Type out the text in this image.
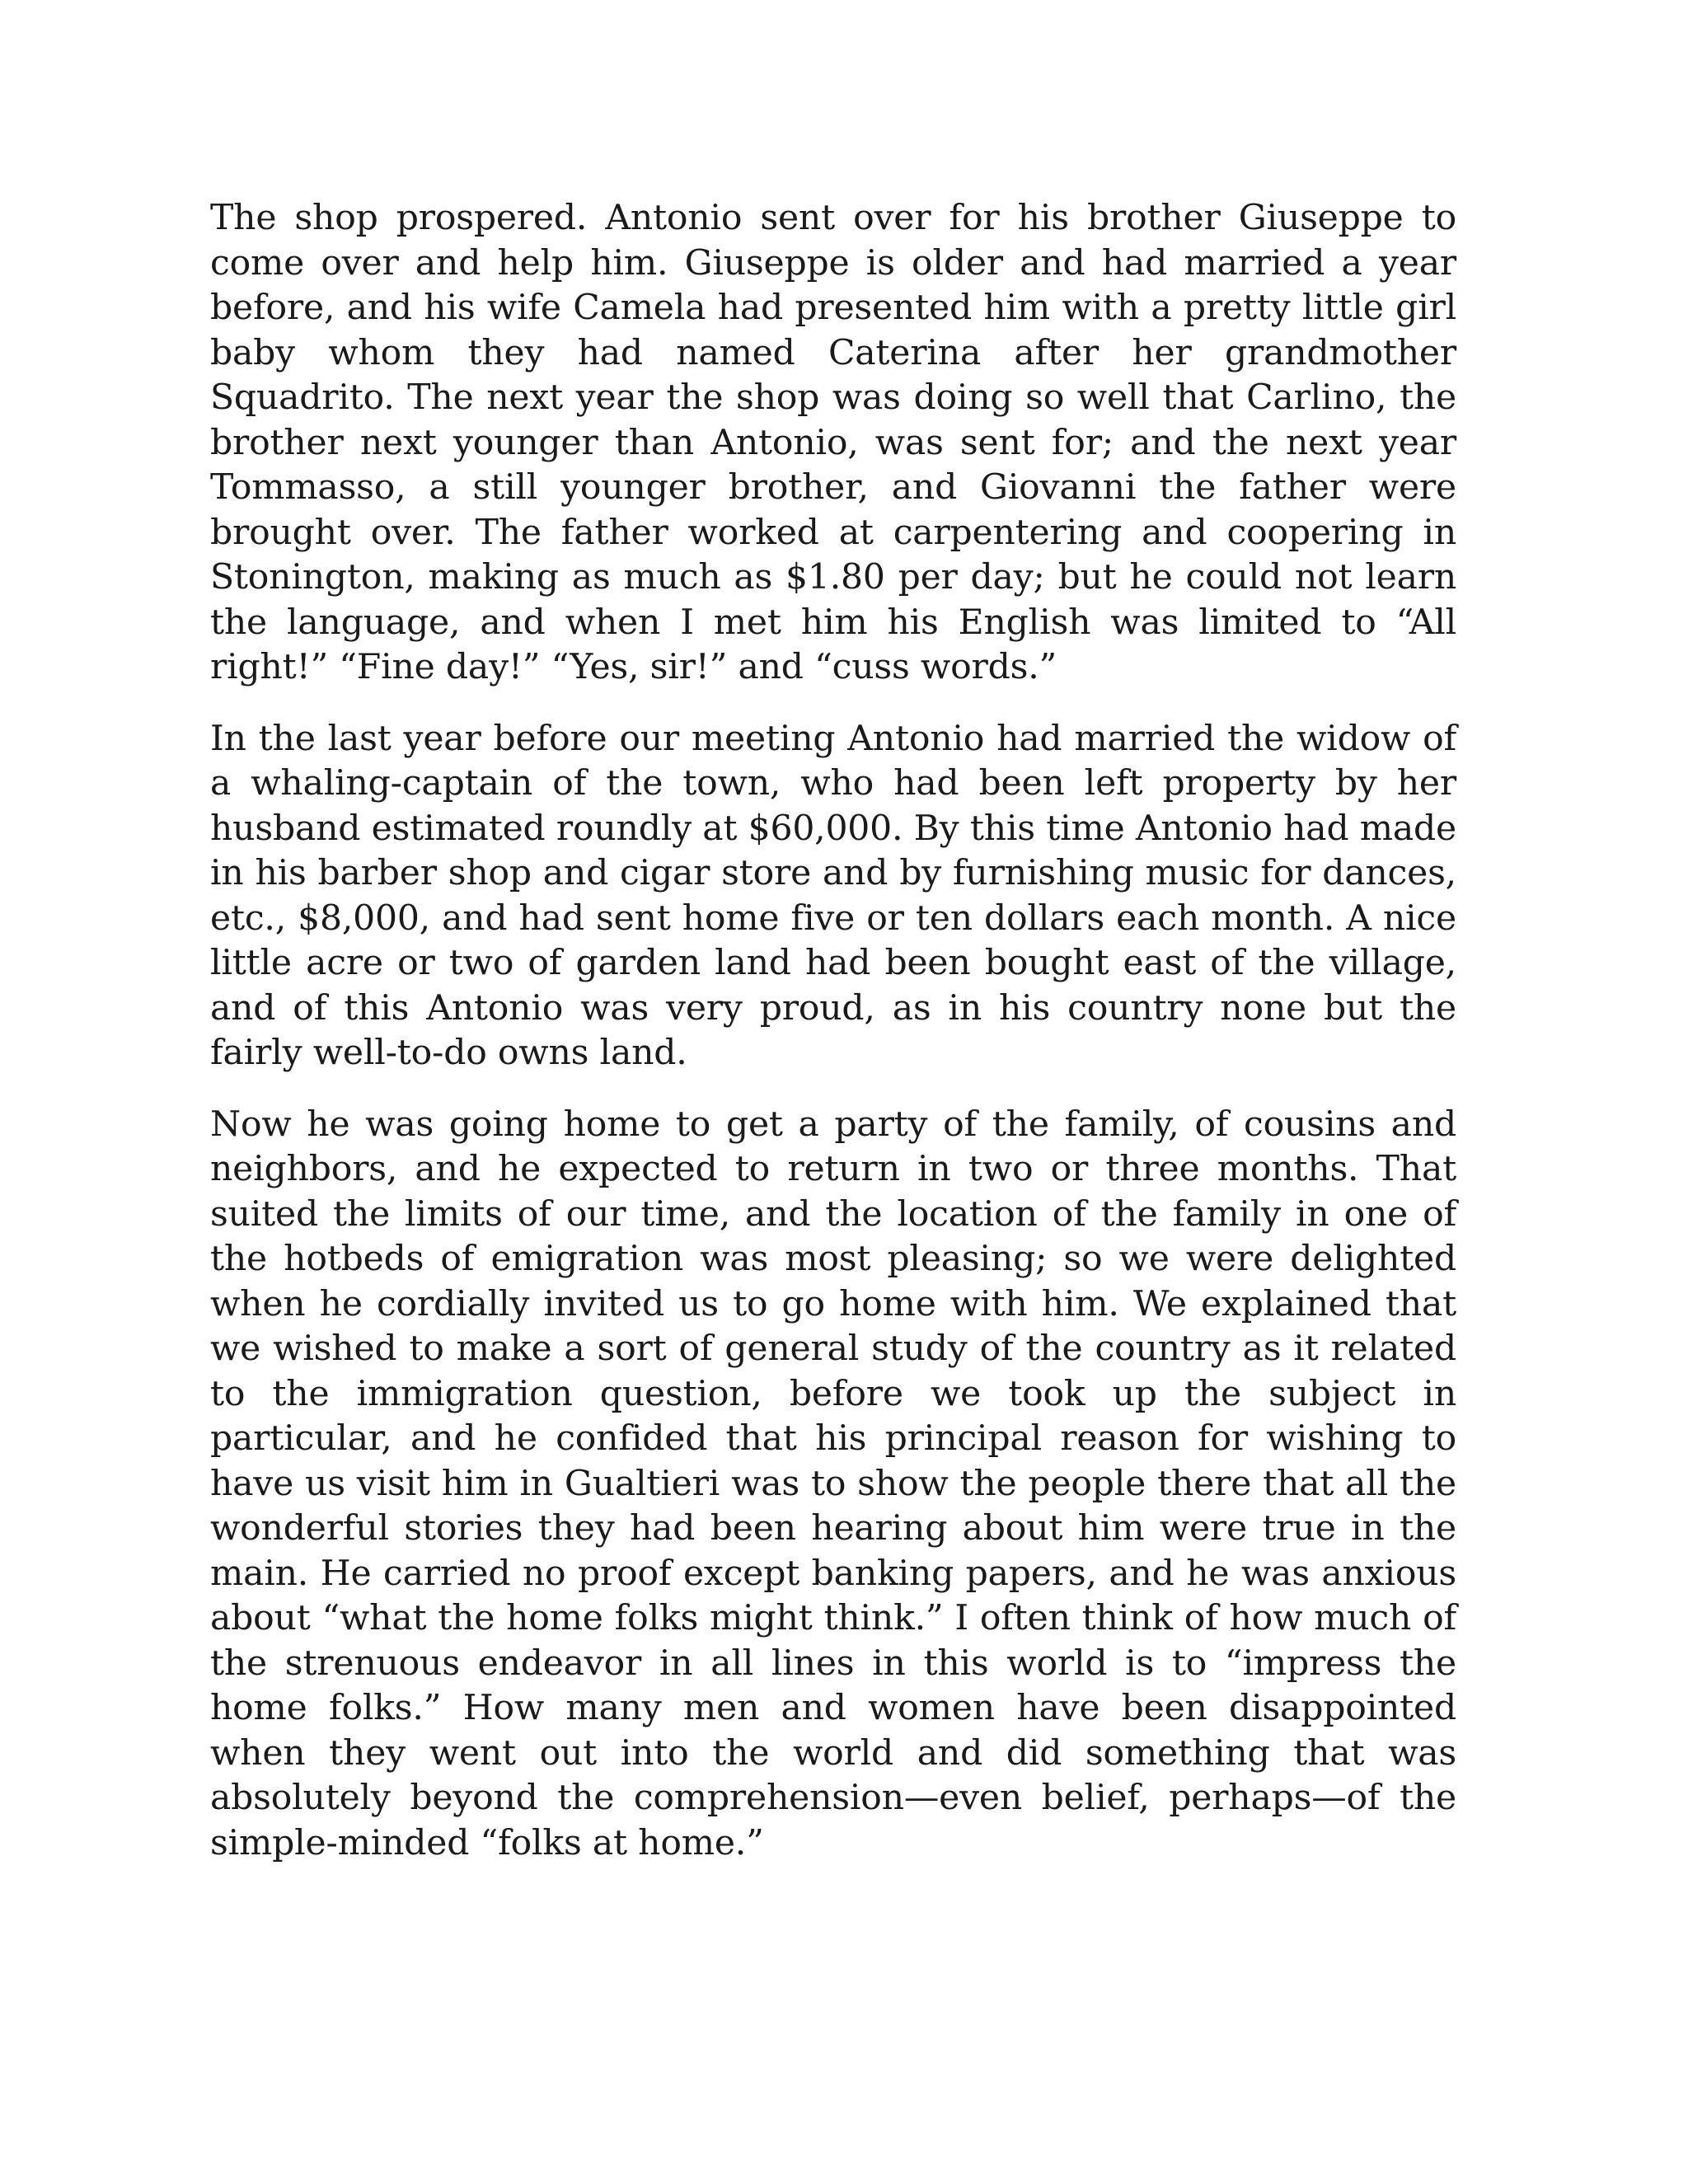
The shop prospered. Antonio sent over for his brother Giuseppe to come over and help him. Giuseppe is older and had married a year before, and his wife Camela had presented him with a pretty little girl baby whom they had named Caterina after her grandmother Squadrito. The next year the shop was doing so well that Carlino, the brother next younger than Antonio, was sent for; and the next year Tommasso, a still younger brother, and Giovanni the father were brought over. The father worked at carpentering and coopering in Stonington, making as much as $1.80 per day; but he could not learn the language, and when I met him his English was limited to “All right!” “Fine day!” “Yes, sir!” and “cuss words.”

In the last year before our meeting Antonio had married the widow of a whaling-captain of the town, who had been left property by her husband estimated roundly at $60,000. By this time Antonio had made in his barber shop and cigar store and by furnishing music for dances, etc., $8,000, and had sent home five or ten dollars each month. A nice little acre or two of garden land had been bought east of the village, and of this Antonio was very proud, as in his country none but the fairly well-to-do owns land.

Now he was going home to get a party of the family, of cousins and neighbors, and he expected to return in two or three months. That suited the limits of our time, and the location of the family in one of the hotbeds of emigration was most pleasing; so we were delighted when he cordially invited us to go home with him. We explained that we wished to make a sort of general study of the country as it related to the immigration question, before we took up the subject in particular, and he confided that his principal reason for wishing to have us visit him in Gualtieri was to show the people there that all the wonderful stories they had been hearing about him were true in the main. He carried no proof except banking papers, and he was anxious about “what the home folks might think.” I often think of how much of the strenuous endeavor in all lines in this world is to “impress the home folks.” How many men and women have been disappointed when they went out into the world and did something that was absolutely beyond the comprehension—even belief, perhaps—of the simple-minded “folks at home.”
